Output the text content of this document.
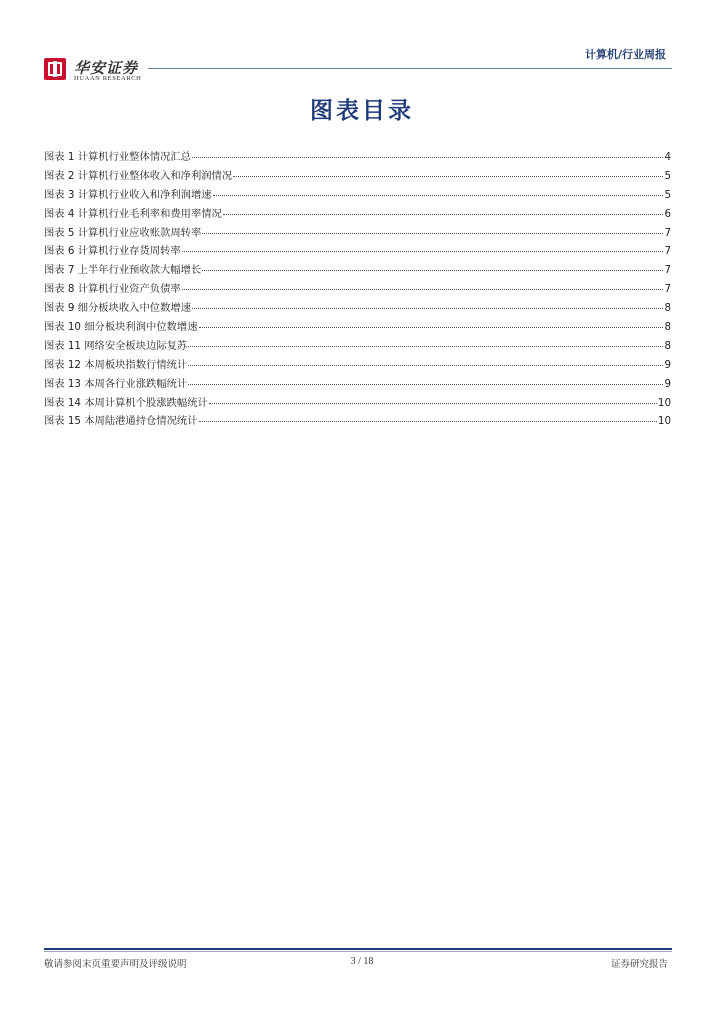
华安证券
HUAAN RESEARCH
计算机/行业周报
图表目录
图表 1 计算机行业整体情况汇总	4
图表 2 计算机行业整体收入和净利润情况	5
图表 3 计算机行业收入和净利润增速	5
图表 4 计算机行业毛利率和费用率情况	6
图表 5 计算机行业应收账款周转率	7
图表 6 计算机行业存货周转率	7
图表 7 上半年行业预收款大幅增长	7
图表 8 计算机行业资产负债率	7
图表 9 细分板块收入中位数增速	8
图表 10 细分板块利润中位数增速	8
图表 11 网络安全板块边际复苏	8
图表 12 本周板块指数行情统计	9
图表 13 本周各行业涨跌幅统计	9
图表 14 本周计算机个股涨跌幅统计	10
图表 15 本周陆港通持仓情况统计	10
敬请参阅末页重要声明及评级说明	3 / 18	证券研究报告
